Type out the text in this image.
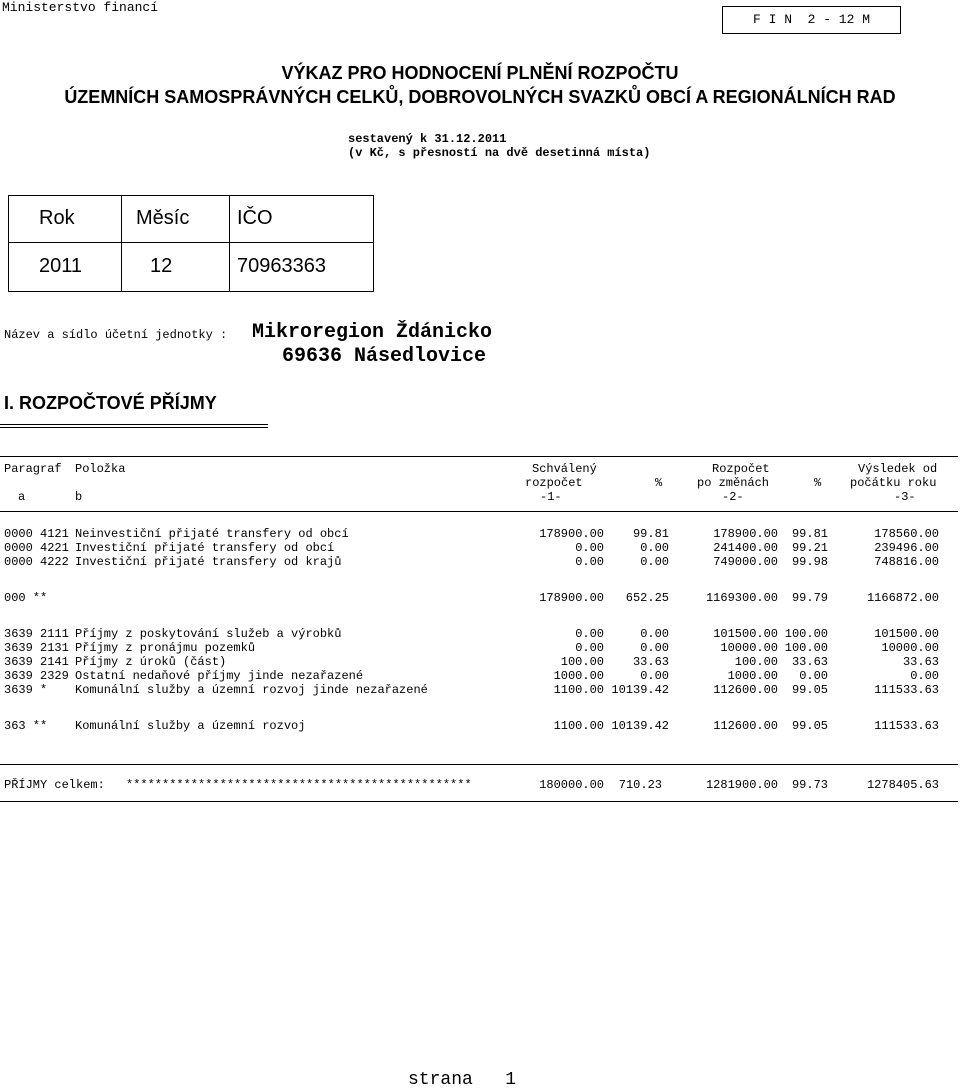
Ministerstvo financí
F I N  2 - 12 M
VÝKAZ PRO HODNOCENÍ PLNĚNÍ ROZPOČTU
ÚZEMNÍCH SAMOSPRÁVNÝCH CELKŮ, DOBROVOLNÝCH SVAZKŮ OBCÍ A REGIONÁLNÍCH RAD
sestavený k 31.12.2011
(v Kč, s přesností na dvě desetinná místa)
Rok	Měsíc IČO
2011	12	70963363
Název a sídlo účetní jednotky : Mikroregion Ždánicko
69636 Násedlovice
I. ROZPOČTOVÉ PŘÍJMY
Paragraf Položka	Schválený	Rozpočet	Výsledek od
rozpočet	%	po změnách	% počátku roku
a	b	-1-	-2-	-3-
0000 4121 Neinvestiční přijaté transfery od obcí	178900.00	99.81	178900.00	99.81	178560.00
0000 4221 Investiční přijaté transfery od obcí	0.00	0.00	241400.00	99.21	239496.00
0000 4222 Investiční přijaté transfery od krajů	0.00	0.00	749000.00	99.98	748816.00
000 **	178900.00	652.25	1169300.00	99.79	1166872.00
3639 2111 Příjmy z poskytování služeb a výrobků	0.00	0.00	101500.00 100.00	101500.00
3639 2131 Příjmy z pronájmu pozemků	0.00	0.00	10000.00 100.00	10000.00
3639 2141 Příjmy z úroků (část)	100.00	33.63	100.00	33.63	33.63
3639 2329 Ostatní nedaňové příjmy jinde nezařazené	1000.00	0.00	1000.00	0.00	0.00
3639 * Komunální služby a územní rozvoj jinde nezařazené	1100.00 10139.42	112600.00	99.05	111533.63
363 ** Komunální služby a územní rozvoj	1100.00 10139.42	112600.00	99.05	111533.63
PŘÍJMY celkem: ************************************************	180000.00	710.23	1281900.00	99.73	1278405.63
strana   1
